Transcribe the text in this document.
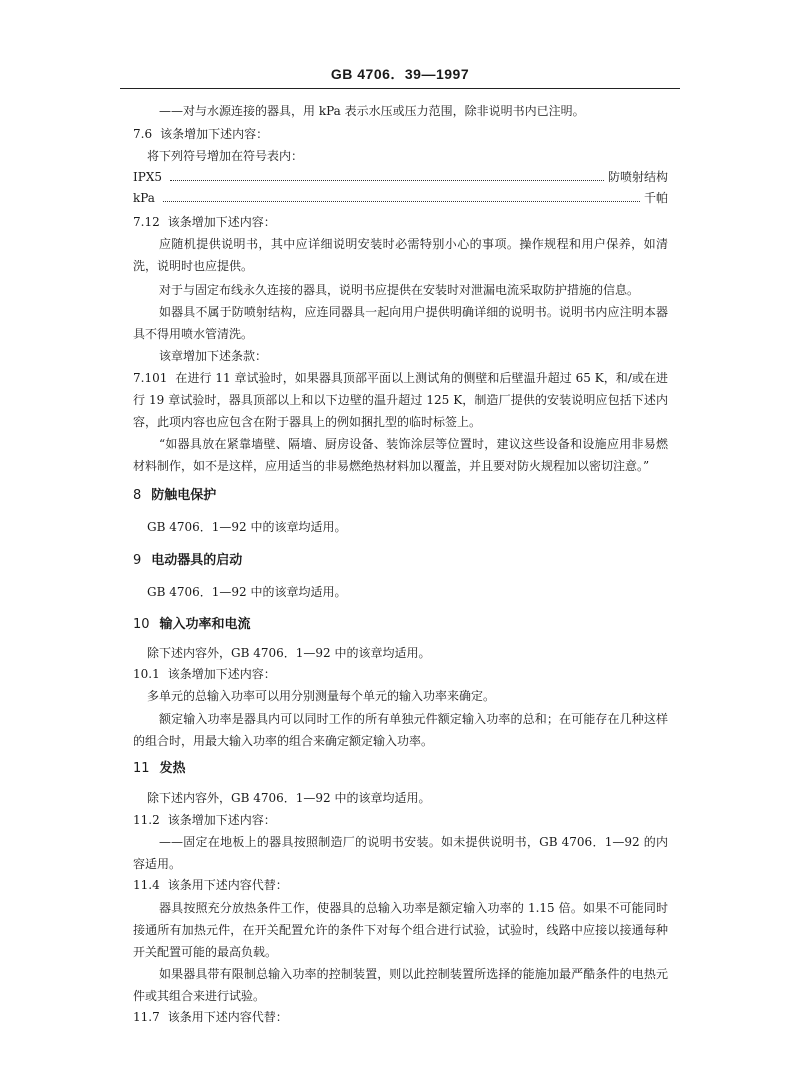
GB 4706．39—1997
——对与水源连接的器具，用 kPa 表示水压或压力范围，除非说明书内已注明。
7.6 该条增加下述内容：
将下列符号增加在符号表内：
IPX5	防喷射结构
kPa	千帕
7.12 该条增加下述内容：
应随机提供说明书，其中应详细说明安装时必需特别小心的事项。操作规程和用户保养，如清洗，说明时也应提供。
对于与固定布线永久连接的器具，说明书应提供在安装时对泄漏电流采取防护措施的信息。
如器具不属于防喷射结构，应连同器具一起向用户提供明确详细的说明书。说明书内应注明本器具不得用喷水管清洗。
该章增加下述条款：
7.101 在进行 11 章试验时，如果器具顶部平面以上测试角的侧壁和后壁温升超过 65 K，和/或在进行 19 章试验时，器具顶部以上和以下边壁的温升超过 125 K，制造厂提供的安装说明应包括下述内容，此项内容也应包含在附于器具上的例如捆扎型的临时标签上。
“如器具放在紧靠墙壁、隔墙、厨房设备、装饰涂层等位置时，建议这些设备和设施应用非易燃材料制作，如不是这样，应用适当的非易燃绝热材料加以覆盖，并且要对防火规程加以密切注意。”
8 防触电保护
GB 4706．1—92 中的该章均适用。
9 电动器具的启动
GB 4706．1—92 中的该章均适用。
10 输入功率和电流
除下述内容外，GB 4706．1—92 中的该章均适用。
10.1 该条增加下述内容：
多单元的总输入功率可以用分别测量每个单元的输入功率来确定。
额定输入功率是器具内可以同时工作的所有单独元件额定输入功率的总和；在可能存在几种这样的组合时，用最大输入功率的组合来确定额定输入功率。
11 发热
除下述内容外，GB 4706．1—92 中的该章均适用。
11.2 该条增加下述内容：
——固定在地板上的器具按照制造厂的说明书安装。如未提供说明书，GB 4706．1—92 的内容适用。
11.4 该条用下述内容代替：
器具按照充分放热条件工作，使器具的总输入功率是额定输入功率的 1.15 倍。如果不可能同时接通所有加热元件，在开关配置允许的条件下对每个组合进行试验，试验时，线路中应接以接通每种开关配置可能的最高负载。
如果器具带有限制总输入功率的控制装置，则以此控制装置所选择的能施加最严酷条件的电热元件或其组合来进行试验。
11.7 该条用下述内容代替：
